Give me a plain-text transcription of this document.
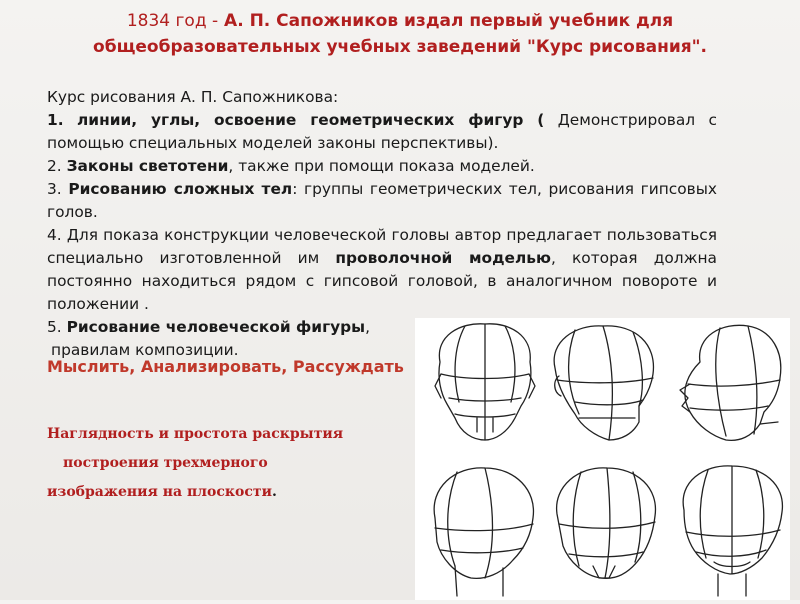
1834 год - А. П. Сапожников издал первый учебник для
общеобразовательных учебных заведений "Курс рисования".

Курс рисования А. П. Сапожникова:

1. линии, углы, освоение геометрических фигур ( Демонстрировал с помощью специальных моделей законы перспективы).

2. Законы светотени, также при помощи показа моделей.

3. Рисованию сложных тел: группы геометрических тел, рисования гипсовых голов.

4. Для показа конструкции человеческой головы автор предлагает пользоваться специально изготовленной им проволочной моделью, которая должна постоянно находиться рядом с гипсовой головой, в аналогичном повороте и положении .

5. Рисование человеческой фигуры,

правилам композиции.

Мыслить, Анализировать, Рассуждать
Наглядность и простота раскрытия
построения трехмерного
изображения на плоскости.
